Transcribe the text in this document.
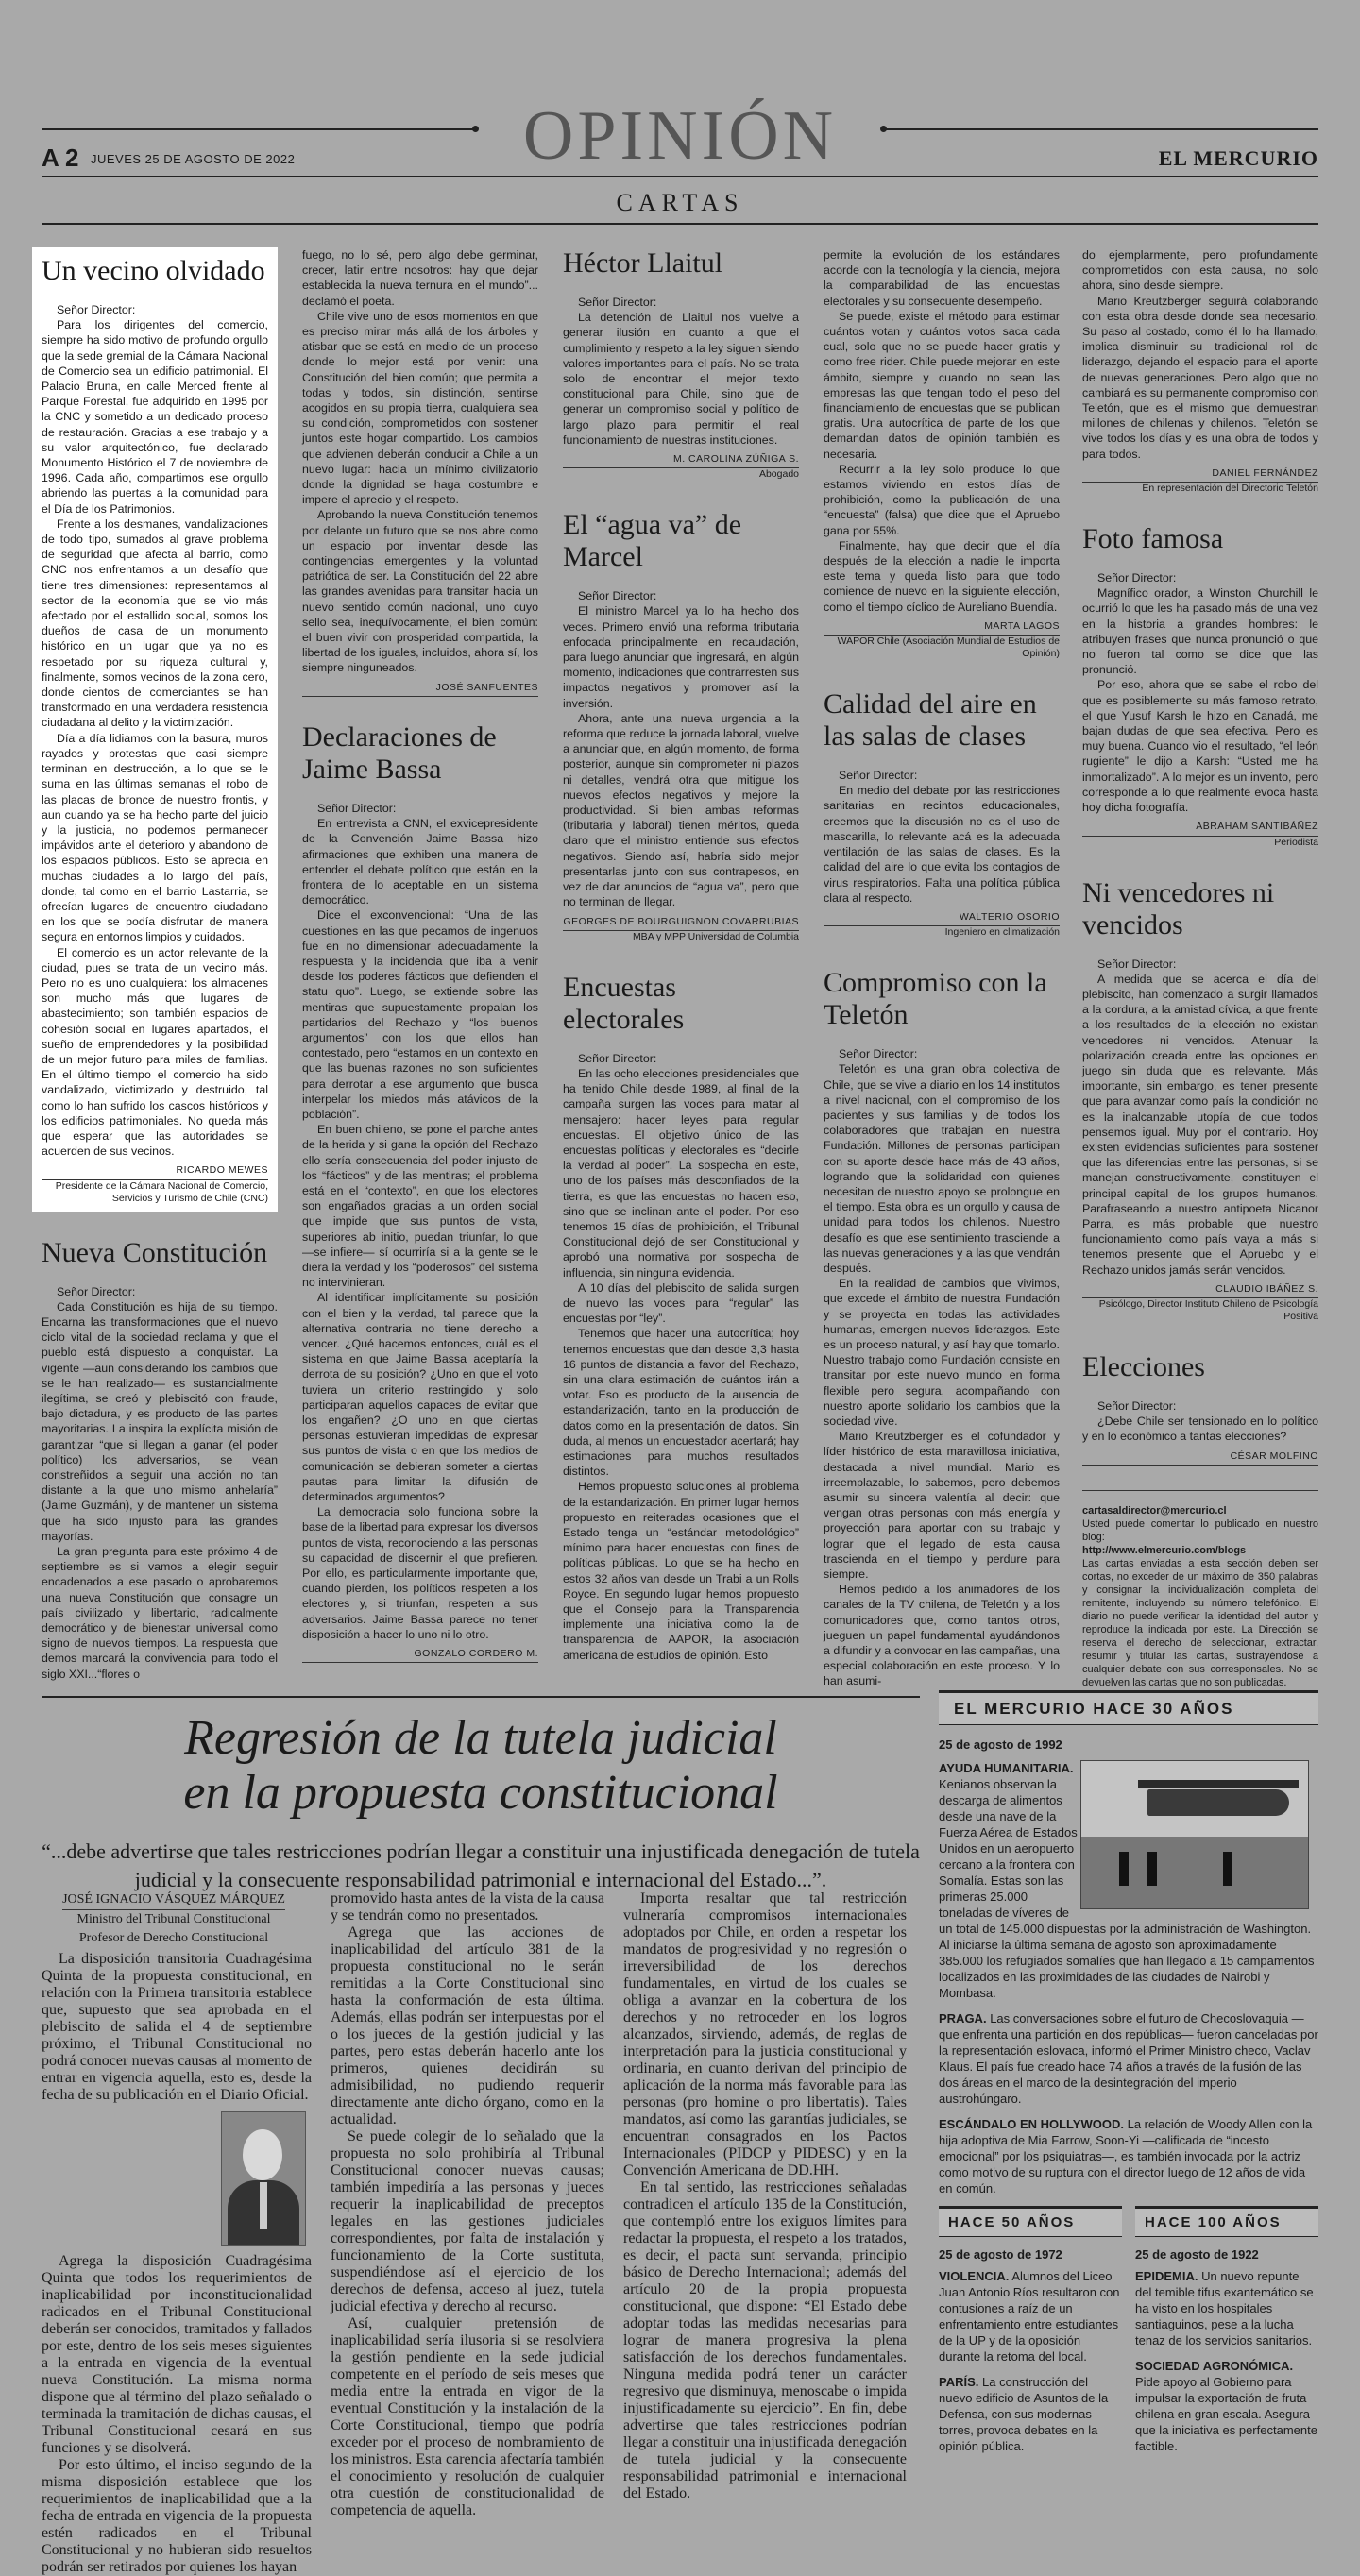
OPINIÓN
A 2 JUEVES 25 DE AGOSTO DE 2022	EL MERCURIO
CARTAS
Un vecino olvidado

Señor Director:

Para los dirigentes del comercio, siempre ha sido motivo de profundo orgullo que la sede gremial de la Cámara Nacional de Comercio sea un edificio patrimonial. El Palacio Bruna, en calle Merced frente al Parque Forestal, fue adquirido en 1995 por la CNC y sometido a un dedicado proceso de restauración. Gracias a ese trabajo y a su valor arquitectónico, fue declarado Monumento Histórico el 7 de noviembre de 1996. Cada año, compartimos ese orgullo abriendo las puertas a la comunidad para el Día de los Patrimonios.

Frente a los desmanes, vandalizaciones de todo tipo, sumados al grave problema de seguridad que afecta al barrio, como CNC nos enfrentamos a un desafío que tiene tres dimensiones: representamos al sector de la economía que se vio más afectado por el estallido social, somos los dueños de casa de un monumento histórico en un lugar que ya no es respetado por su riqueza cultural y, finalmente, somos vecinos de la zona cero, donde cientos de comerciantes se han transformado en una verdadera resistencia ciudadana al delito y la victimización.

Día a día lidiamos con la basura, muros rayados y protestas que casi siempre terminan en destrucción, a lo que se le suma en las últimas semanas el robo de las placas de bronce de nuestro frontis, y aun cuando ya se ha hecho parte del juicio y la justicia, no podemos permanecer impávidos ante el deterioro y abandono de los espacios públicos. Esto se aprecia en muchas ciudades a lo largo del país, donde, tal como en el barrio Lastarria, se ofrecían lugares de encuentro ciudadano en los que se podía disfrutar de manera segura en entornos limpios y cuidados.

El comercio es un actor relevante de la ciudad, pues se trata de un vecino más. Pero no es uno cualquiera: los almacenes son mucho más que lugares de abastecimiento; son también espacios de cohesión social en lugares apartados, el sueño de emprendedores y la posibilidad de un mejor futuro para miles de familias. En el último tiempo el comercio ha sido vandalizado, victimizado y destruido, tal como lo han sufrido los cascos históricos y los edificios patrimoniales. No queda más que esperar que las autoridades se acuerden de sus vecinos.

RICARDO MEWES

Presidente de la Cámara Nacional de Comercio, Servicios y Turismo de Chile (CNC)

Nueva Constitución

Señor Director:

Cada Constitución es hija de su tiempo. Encarna las transformaciones que el nuevo ciclo vital de la sociedad reclama y que el pueblo está dispuesto a conquistar. La vigente —aun considerando los cambios que se le han realizado— es sustancialmente ilegítima, se creó y plebiscitó con fraude, bajo dictadura, y es producto de las partes mayoritarias. La inspira la explícita misión de garantizar “que si llegan a ganar (el poder político) los adversarios, se vean constreñidos a seguir una acción no tan distante a la que uno mismo anhelaría” (Jaime Guzmán), y de mantener un sistema que ha sido injusto para las grandes mayorías.

La gran pregunta para este próximo 4 de septiembre es si vamos a elegir seguir encadenados a ese pasado o aprobaremos una nueva Constitución que consagre un país civilizado y libertario, radicalmente democrático y de bienestar universal como signo de nuevos tiempos. La respuesta que demos marcará la convivencia para todo el siglo XXI...“flores o

fuego, no lo sé, pero algo debe germinar, crecer, latir entre nosotros: hay que dejar establecida la nueva ternura en el mundo”... declamó el poeta.

Chile vive uno de esos momentos en que es preciso mirar más allá de los árboles y atisbar que se está en medio de un proceso donde lo mejor está por venir: una Constitución del bien común; que permita a todas y todos, sin distinción, sentirse acogidos en su propia tierra, cualquiera sea su condición, comprometidos con sostener juntos este hogar compartido. Los cambios que advienen deberán conducir a Chile a un nuevo lugar: hacia un mínimo civilizatorio donde la dignidad se haga costumbre e impere el aprecio y el respeto.

Aprobando la nueva Constitución tenemos por delante un futuro que se nos abre como un espacio por inventar desde las contingencias emergentes y la voluntad patriótica de ser. La Constitución del 22 abre las grandes avenidas para transitar hacia un nuevo sentido común nacional, uno cuyo sello sea, inequívocamente, el bien común: el buen vivir con prosperidad compartida, la libertad de los iguales, incluidos, ahora sí, los siempre ninguneados.

JOSÉ SANFUENTES

Declaraciones de Jaime Bassa

Señor Director:

En entrevista a CNN, el exvicepresidente de la Convención Jaime Bassa hizo afirmaciones que exhiben una manera de entender el debate político que están en la frontera de lo aceptable en un sistema democrático.

Dice el exconvencional: “Una de las cuestiones en las que pecamos de ingenuos fue en no dimensionar adecuadamente la respuesta y la incidencia que iba a venir desde los poderes fácticos que defienden el statu quo”. Luego, se extiende sobre las mentiras que supuestamente propalan los partidarios del Rechazo y “los buenos argumentos” con los que ellos han contestado, pero “estamos en un contexto en que las buenas razones no son suficientes para derrotar a ese argumento que busca interpelar los miedos más atávicos de la población”.

En buen chileno, se pone el parche antes de la herida y si gana la opción del Rechazo ello sería consecuencia del poder injusto de los “fácticos” y de las mentiras; el problema está en el “contexto”, en que los electores son engañados gracias a un orden social que impide que sus puntos de vista, superiores ab initio, puedan triunfar, lo que —se infiere— sí ocurriría si a la gente se le diera la verdad y los “poderosos” del sistema no intervinieran.

Al identificar implícitamente su posición con el bien y la verdad, tal parece que la alternativa contraria no tiene derecho a vencer. ¿Qué hacemos entonces, cuál es el sistema en que Jaime Bassa aceptaría la derrota de su posición? ¿Uno en que el voto tuviera un criterio restringido y solo participaran aquellos capaces de evitar que los engañen? ¿O uno en que ciertas personas estuvieran impedidas de expresar sus puntos de vista o en que los medios de comunicación se debieran someter a ciertas pautas para limitar la difusión de determinados argumentos?

La democracia solo funciona sobre la base de la libertad para expresar los diversos puntos de vista, reconociendo a las personas su capacidad de discernir el que prefieren. Por ello, es particularmente importante que, cuando pierden, los políticos respeten a los electores y, si triunfan, respeten a sus adversarios. Jaime Bassa parece no tener disposición a hacer lo uno ni lo otro.

GONZALO CORDERO M.

Héctor Llaitul

Señor Director:

La detención de Llaitul nos vuelve a generar ilusión en cuanto a que el cumplimiento y respeto a la ley siguen siendo valores importantes para el país. No se trata solo de encontrar el mejor texto constitucional para Chile, sino que de generar un compromiso social y político de largo plazo para permitir el real funcionamiento de nuestras instituciones.

M. CAROLINA ZÚÑIGA S.

Abogado

El “agua va” de Marcel

Señor Director:

El ministro Marcel ya lo ha hecho dos veces. Primero envió una reforma tributaria enfocada principalmente en recaudación, para luego anunciar que ingresará, en algún momento, indicaciones que contrarresten sus impactos negativos y promover así la inversión.

Ahora, ante una nueva urgencia a la reforma que reduce la jornada laboral, vuelve a anunciar que, en algún momento, de forma posterior, aunque sin comprometer ni plazos ni detalles, vendrá otra que mitigue los nuevos efectos negativos y mejore la productividad. Si bien ambas reformas (tributaria y laboral) tienen méritos, queda claro que el ministro entiende sus efectos negativos. Siendo así, habría sido mejor presentarlas junto con sus contrapesos, en vez de dar anuncios de “agua va”, pero que no terminan de llegar.

GEORGES DE BOURGUIGNON COVARRUBIAS

MBA y MPP Universidad de Columbia

Encuestas electorales

Señor Director:

En las ocho elecciones presidenciales que ha tenido Chile desde 1989, al final de la campaña surgen las voces para matar al mensajero: hacer leyes para regular encuestas. El objetivo único de las encuestas políticas y electorales es “decirle la verdad al poder”. La sospecha en este, uno de los países más desconfiados de la tierra, es que las encuestas no hacen eso, sino que se inclinan ante el poder. Por eso tenemos 15 días de prohibición, el Tribunal Constitucional dejó de ser Constitucional y aprobó una normativa por sospecha de influencia, sin ninguna evidencia.

A 10 días del plebiscito de salida surgen de nuevo las voces para “regular” las encuestas por “ley”.

Tenemos que hacer una autocrítica; hoy tenemos encuestas que dan desde 3,3 hasta 16 puntos de distancia a favor del Rechazo, sin una clara estimación de cuántos irán a votar. Eso es producto de la ausencia de estandarización, tanto en la producción de datos como en la presentación de datos. Sin duda, al menos un encuestador acertará; hay estimaciones para muchos resultados distintos.

Hemos propuesto soluciones al problema de la estandarización. En primer lugar hemos propuesto en reiteradas ocasiones que el Estado tenga un “estándar metodológico” mínimo para hacer encuestas con fines de políticas públicas. Lo que se ha hecho en estos 32 años van desde un Trabi a un Rolls Royce. En segundo lugar hemos propuesto que el Consejo para la Transparencia implemente una iniciativa como la de transparencia de AAPOR, la asociación americana de estudios de opinión. Esto

permite la evolución de los estándares acorde con la tecnología y la ciencia, mejora la comparabilidad de las encuestas electorales y su consecuente desempeño.

Se puede, existe el método para estimar cuántos votan y cuántos votos saca cada cual, solo que no se puede hacer gratis y como free rider. Chile puede mejorar en este ámbito, siempre y cuando no sean las empresas las que tengan todo el peso del financiamiento de encuestas que se publican gratis. Una autocrítica de parte de los que demandan datos de opinión también es necesaria.

Recurrir a la ley solo produce lo que estamos viviendo en estos días de prohibición, como la publicación de una “encuesta” (falsa) que dice que el Apruebo gana por 55%.

Finalmente, hay que decir que el día después de la elección a nadie le importa este tema y queda listo para que todo comience de nuevo en la siguiente elección, como el tiempo cíclico de Aureliano Buendía.

MARTA LAGOS

WAPOR Chile (Asociación Mundial de Estudios de Opinión)

Calidad del aire en las salas de clases

Señor Director:

En medio del debate por las restricciones sanitarias en recintos educacionales, creemos que la discusión no es el uso de mascarilla, lo relevante acá es la adecuada ventilación de las salas de clases. Es la calidad del aire lo que evita los contagios de virus respiratorios. Falta una política pública clara al respecto.

WALTERIO OSORIO

Ingeniero en climatización

Compromiso con la Teletón

Señor Director:

Teletón es una gran obra colectiva de Chile, que se vive a diario en los 14 institutos a nivel nacional, con el compromiso de los pacientes y sus familias y de todos los colaboradores que trabajan en nuestra Fundación. Millones de personas participan con su aporte desde hace más de 43 años, logrando que la solidaridad con quienes necesitan de nuestro apoyo se prolongue en el tiempo. Esta obra es un orgullo y causa de unidad para todos los chilenos. Nuestro desafío es que ese sentimiento trasciende a las nuevas generaciones y a las que vendrán después.

En la realidad de cambios que vivimos, que excede el ámbito de nuestra Fundación y se proyecta en todas las actividades humanas, emergen nuevos liderazgos. Este es un proceso natural, y así hay que tomarlo. Nuestro trabajo como Fundación consiste en transitar por este nuevo mundo en forma flexible pero segura, acompañando con nuestro aporte solidario los cambios que la sociedad vive.

Mario Kreutzberger es el cofundador y líder histórico de esta maravillosa iniciativa, destacada a nivel mundial. Mario es irreemplazable, lo sabemos, pero debemos asumir su sincera valentía al decir: que vengan otras personas con más energía y proyección para aportar con su trabajo y lograr que el legado de esta causa trascienda en el tiempo y perdure para siempre.

Hemos pedido a los animadores de los canales de la TV chilena, de Teletón y a los comunicadores que, como tantos otros, jueguen un papel fundamental ayudándonos a difundir y a convocar en las campañas, una especial colaboración en este proceso. Y lo han asumi-

do ejemplarmente, pero profundamente comprometidos con esta causa, no solo ahora, sino desde siempre.

Mario Kreutzberger seguirá colaborando con esta obra desde donde sea necesario. Su paso al costado, como él lo ha llamado, implica disminuir su tradicional rol de liderazgo, dejando el espacio para el aporte de nuevas generaciones. Pero algo que no cambiará es su permanente compromiso con Teletón, que es el mismo que demuestran millones de chilenas y chilenos. Teletón se vive todos los días y es una obra de todos y para todos.

DANIEL FERNÁNDEZ

En representación del Directorio Teletón

Foto famosa

Señor Director:

Magnífico orador, a Winston Churchill le ocurrió lo que les ha pasado más de una vez en la historia a grandes hombres: le atribuyen frases que nunca pronunció o que no fueron tal como se dice que las pronunció.

Por eso, ahora que se sabe el robo del que es posiblemente su más famoso retrato, el que Yusuf Karsh le hizo en Canadá, me bajan dudas de que sea efectiva. Pero es muy buena. Cuando vio el resultado, “el león rugiente” le dijo a Karsh: “Usted me ha inmortalizado”. A lo mejor es un invento, pero corresponde a lo que realmente evoca hasta hoy dicha fotografía.

ABRAHAM SANTIBÁÑEZ

Periodista

Ni vencedores ni vencidos

Señor Director:

A medida que se acerca el día del plebiscito, han comenzado a surgir llamados a la cordura, a la amistad cívica, a que frente a los resultados de la elección no existan vencedores ni vencidos. Atenuar la polarización creada entre las opciones en juego sin duda que es relevante. Más importante, sin embargo, es tener presente que para avanzar como país la condición no es la inalcanzable utopía de que todos pensemos igual. Muy por el contrario. Hoy existen evidencias suficientes para sostener que las diferencias entre las personas, si se manejan constructivamente, constituyen el principal capital de los grupos humanos. Parafraseando a nuestro antipoeta Nicanor Parra, es más probable que nuestro funcionamiento como país vaya a más si tenemos presente que el Apruebo y el Rechazo unidos jamás serán vencidos.

CLAUDIO IBÁÑEZ S.

Psicólogo, Director Instituto Chileno de Psicología Positiva

Elecciones

Señor Director:

¿Debe Chile ser tensionado en lo político y en lo económico a tantas elecciones?

CÉSAR MOLFINO

cartasaldirector@mercurio.cl

Usted puede comentar lo publicado en nuestro blog:

http://www.elmercurio.com/blogs

Las cartas enviadas a esta sección deben ser cortas, no exceder de un máximo de 350 palabras y consignar la individualización completa del remitente, incluyendo su número telefónico. El diario no puede verificar la identidad del autor y reproduce la indicada por este. La Dirección se reserva el derecho de seleccionar, extractar, resumir y titular las cartas, sustrayéndose a cualquier debate con sus corresponsales. No se devuelven las cartas que no son publicadas.

Regresión de la tutela judicial
en la propuesta constitucional
“...debe advertirse que tales restricciones podrían llegar a constituir una injustificada denegación de tutela judicial y la consecuente responsabilidad patrimonial e internacional del Estado...”.
JOSÉ IGNACIO VÁSQUEZ MÁRQUEZ
Ministro del Tribunal Constitucional
Profesor de Derecho Constitucional

La disposición transitoria Cuadragésima Quinta de la propuesta constitucional, en relación con la Primera transitoria establece que, supuesto que sea aprobada en el plebiscito de salida el 4 de septiembre próximo, el Tribunal Constitucional no podrá conocer nuevas causas al momento de entrar en vigencia aquella, esto es, desde la fecha de su publicación en el Diario Oficial.

Agrega la disposición Cuadragésima Quinta que todos los requerimientos de inaplicabilidad por inconstitucionalidad radicados en el Tribunal Constitucional deberán ser conocidos, tramitados y fallados por este, dentro de los seis meses siguientes a la entrada en vigencia de la eventual nueva Constitución. La misma norma dispone que al término del plazo señalado o terminada la tramitación de dichas causas, el Tribunal Constitucional cesará en sus funciones y se disolverá.

Por esto último, el inciso segundo de la misma disposición establece que los requerimientos de inaplicabilidad que a la fecha de entrada en vigencia de la propuesta estén radicados en el Tribunal Constitucional y no hubieran sido resueltos podrán ser retirados por quienes los hayan

promovido hasta antes de la vista de la causa y se tendrán como no presentados.

Agrega que las acciones de inaplicabilidad del artículo 381 de la propuesta constitucional no le serán remitidas a la Corte Constitucional sino hasta la conformación de esta última. Además, ellas podrán ser interpuestas por el o los jueces de la gestión judicial y las partes, pero estas deberán hacerlo ante los primeros, quienes decidirán su admisibilidad, no pudiendo requerir directamente ante dicho órgano, como en la actualidad.

Se puede colegir de lo señalado que la propuesta no solo prohibiría al Tribunal Constitucional conocer nuevas causas; también impediría a las personas y jueces requerir la inaplicabilidad de preceptos legales en las gestiones judiciales correspondientes, por falta de instalación y funcionamiento de la Corte sustituta, suspendiéndose así el ejercicio de los derechos de defensa, acceso al juez, tutela judicial efectiva y derecho al recurso.

Así, cualquier pretensión de inaplicabilidad sería ilusoria si se resolviera la gestión pendiente en la sede judicial competente en el período de seis meses que media entre la entrada en vigor de la eventual Constitución y la instalación de la Corte Constitucional, tiempo que podría exceder por el proceso de nombramiento de los ministros. Esta carencia afectaría también el conocimiento y resolución de cualquier otra cuestión de constitucionalidad de competencia de aquella.

Importa resaltar que tal restricción vulneraría compromisos internacionales adoptados por Chile, en orden a respetar los mandatos de progresividad y no regresión o irreversibilidad de los derechos fundamentales, en virtud de los cuales se obliga a avanzar en la cobertura de los derechos y no retroceder en los logros alcanzados, sirviendo, además, de reglas de interpretación para la justicia constitucional y ordinaria, en cuanto derivan del principio de aplicación de la norma más favorable para las personas (pro homine o pro libertatis). Tales mandatos, así como las garantías judiciales, se encuentran consagrados en los Pactos Internacionales (PIDCP y PIDESC) y en la Convención Americana de DD.HH.

En tal sentido, las restricciones señaladas contradicen el artículo 135 de la Constitución, que contempló entre los exiguos límites para redactar la propuesta, el respeto a los tratados, es decir, el pacta sunt servanda, principio básico de Derecho Internacional; además del artículo 20 de la propia propuesta constitucional, que dispone: “El Estado debe adoptar todas las medidas necesarias para lograr de manera progresiva la plena satisfacción de los derechos fundamentales. Ninguna medida podrá tener un carácter regresivo que disminuya, menoscabe o impida injustificadamente su ejercicio”. En fin, debe advertirse que tales restricciones podrían llegar a constituir una injustificada denegación de tutela judicial y la consecuente responsabilidad patrimonial e internacional del Estado.

EL MERCURIO HACE 30 AÑOS

25 de agosto de 1992

AYUDA HUMANITARIA.

Kenianos observan la descarga de alimentos desde una nave de la Fuerza Aérea de Estados Unidos en un aeropuerto cercano a la frontera con Somalía. Estas son las primeras 25.000 toneladas de víveres de un total de 145.000 dispuestas por la administración de Washington. Al iniciarse la última semana de agosto son aproximadamente 385.000 los refugiados somalíes que han llegado a 15 campamentos localizados en las proximidades de las ciudades de Nairobi y Mombasa.

PRAGA. Las conversaciones sobre el futuro de Checoslovaquia —que enfrenta una partición en dos repúblicas— fueron canceladas por la representación eslovaca, informó el Primer Ministro checo, Vaclav Klaus. El país fue creado hace 74 años a través de la fusión de las dos áreas en el marco de la desintegración del imperio austrohúngaro.

ESCÁNDALO EN HOLLYWOOD. La relación de Woody Allen con la hija adoptiva de Mia Farrow, Soon-Yi —calificada de “incesto emocional” por los psiquiatras—, es también invocada por la actriz como motivo de su ruptura con el director luego de 12 años de vida en común.

HACE 50 AÑOS

25 de agosto de 1972

VIOLENCIA. Alumnos del Liceo Juan Antonio Ríos resultaron con contusiones a raíz de un enfrentamiento entre estudiantes de la UP y de la oposición durante la retoma del local.

PARÍS. La construcción del nuevo edificio de Asuntos de la Defensa, con sus modernas torres, provoca debates en la opinión pública.

HACE 100 AÑOS

25 de agosto de 1922

EPIDEMIA. Un nuevo repunte del temible tifus exantemático se ha visto en los hospitales santiaguinos, pese a la lucha tenaz de los servicios sanitarios.

SOCIEDAD AGRONÓMICA. Pide apoyo al Gobierno para impulsar la exportación de fruta chilena en gran escala. Asegura que la iniciativa es perfectamente factible.
